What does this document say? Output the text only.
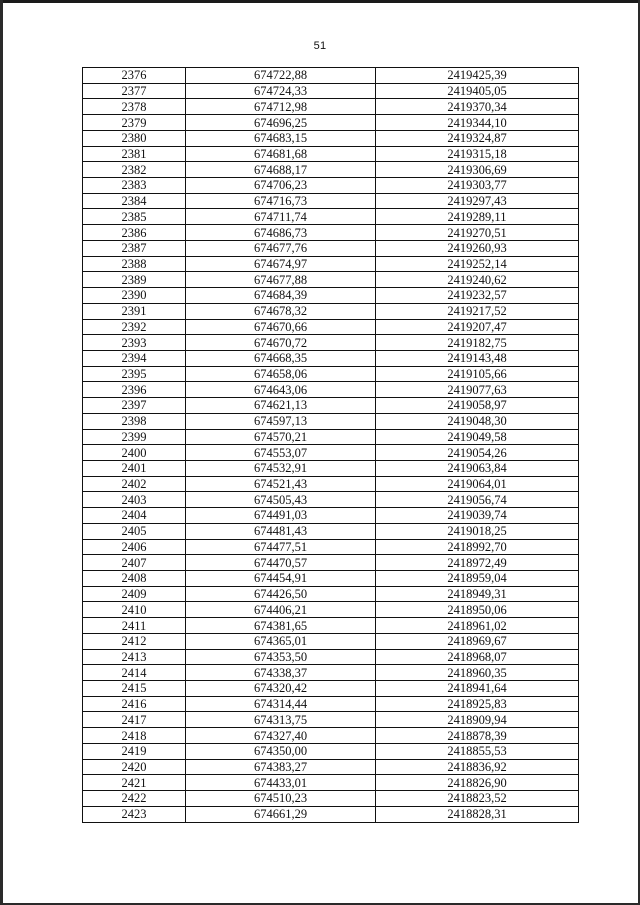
51
2376	674722,88	2419425,39
2377	674724,33	2419405,05
2378	674712,98	2419370,34
2379	674696,25	2419344,10
2380	674683,15	2419324,87
2381	674681,68	2419315,18
2382	674688,17	2419306,69
2383	674706,23	2419303,77
2384	674716,73	2419297,43
2385	674711,74	2419289,11
2386	674686,73	2419270,51
2387	674677,76	2419260,93
2388	674674,97	2419252,14
2389	674677,88	2419240,62
2390	674684,39	2419232,57
2391	674678,32	2419217,52
2392	674670,66	2419207,47
2393	674670,72	2419182,75
2394	674668,35	2419143,48
2395	674658,06	2419105,66
2396	674643,06	2419077,63
2397	674621,13	2419058,97
2398	674597,13	2419048,30
2399	674570,21	2419049,58
2400	674553,07	2419054,26
2401	674532,91	2419063,84
2402	674521,43	2419064,01
2403	674505,43	2419056,74
2404	674491,03	2419039,74
2405	674481,43	2419018,25
2406	674477,51	2418992,70
2407	674470,57	2418972,49
2408	674454,91	2418959,04
2409	674426,50	2418949,31
2410	674406,21	2418950,06
2411	674381,65	2418961,02
2412	674365,01	2418969,67
2413	674353,50	2418968,07
2414	674338,37	2418960,35
2415	674320,42	2418941,64
2416	674314,44	2418925,83
2417	674313,75	2418909,94
2418	674327,40	2418878,39
2419	674350,00	2418855,53
2420	674383,27	2418836,92
2421	674433,01	2418826,90
2422	674510,23	2418823,52
2423	674661,29	2418828,31
